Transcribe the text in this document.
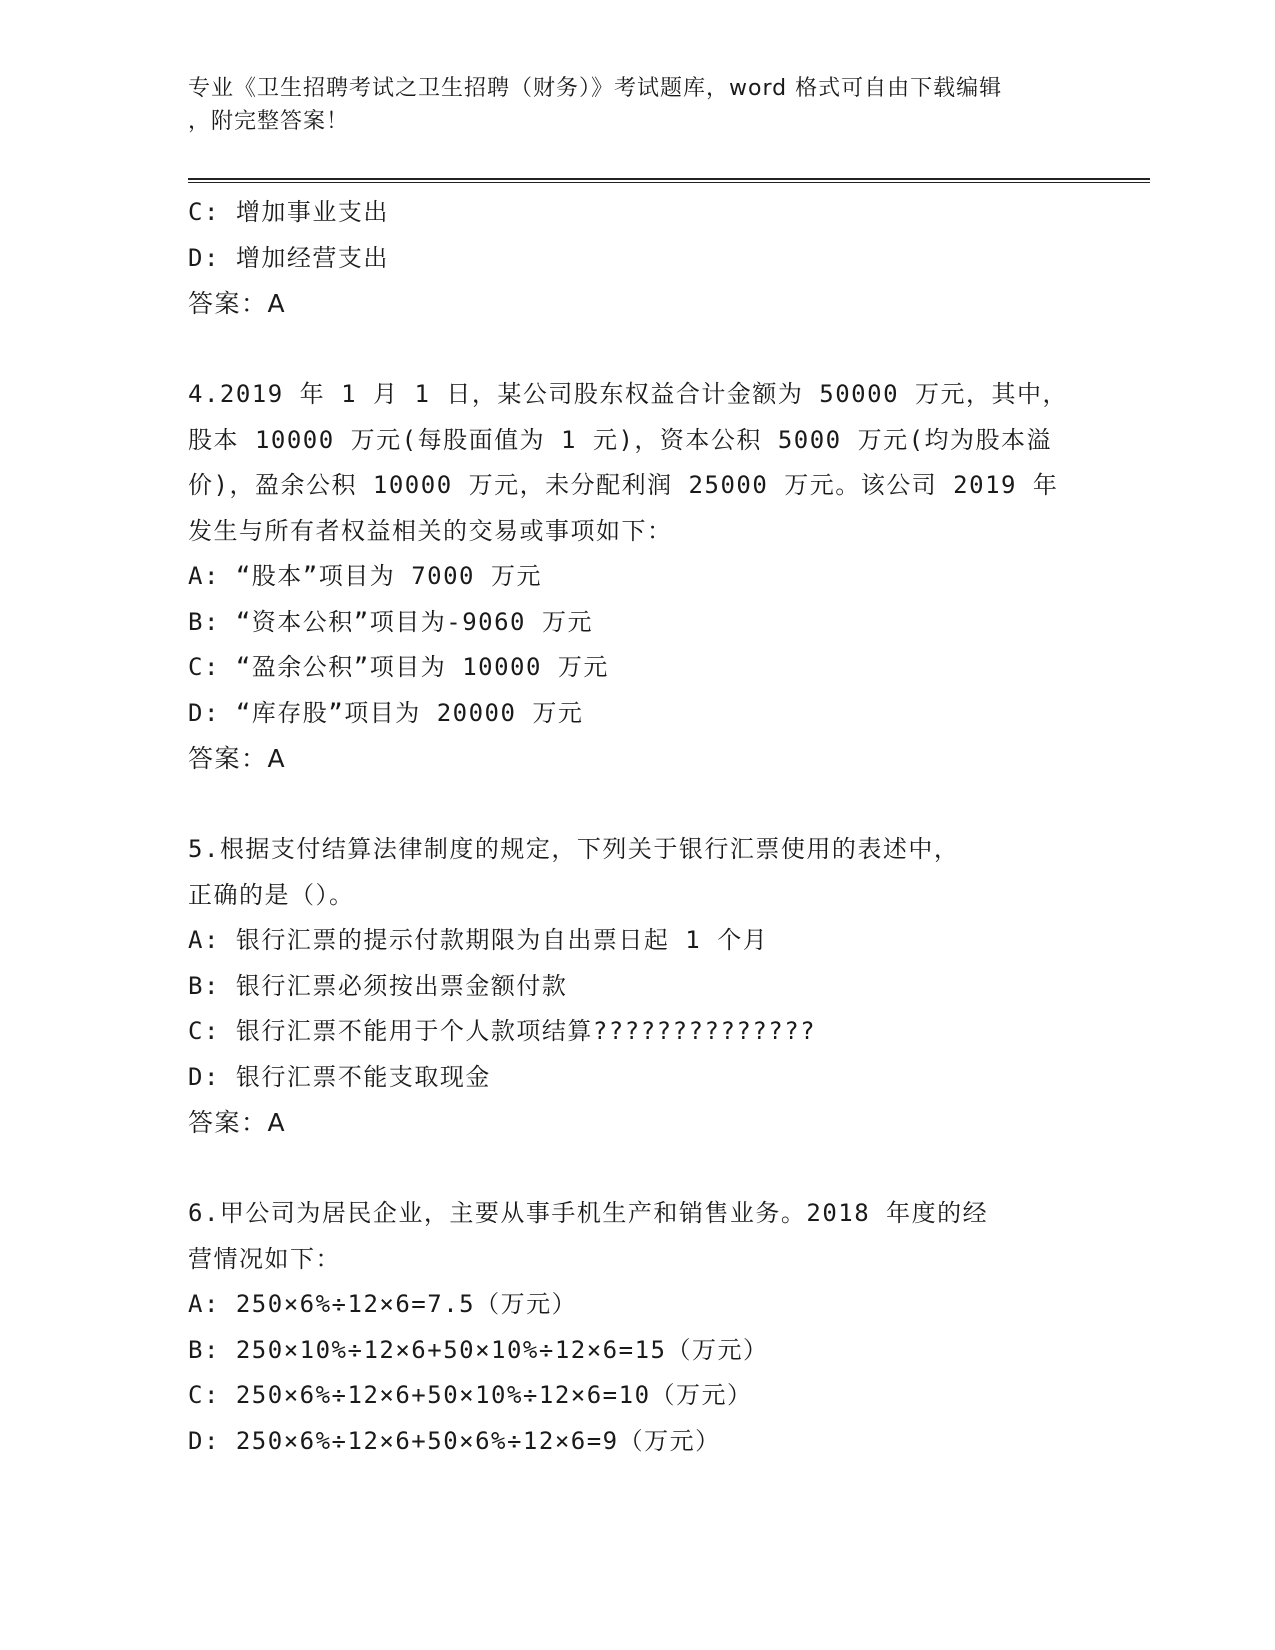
专业《卫生招聘考试之卫生招聘（财务）》考试题库，word 格式可自由下载编辑
，附完整答案！
C: 增加事业支出
D: 增加经营支出
答案：A
4.2019 年 1 月 1 日，某公司股东权益合计金额为 50000 万元，其中，
股本 10000 万元(每股面值为 1 元)，资本公积 5000 万元(均为股本溢
价)，盈余公积 10000 万元，未分配利润 25000 万元。该公司 2019 年
发生与所有者权益相关的交易或事项如下：
A: “股本”项目为 7000 万元
B: “资本公积”项目为-9060 万元
C: “盈余公积”项目为 10000 万元
D: “库存股”项目为 20000 万元
答案：A
5.根据支付结算法律制度的规定，下列关于银行汇票使用的表述中，
正确的是（）。
A: 银行汇票的提示付款期限为自出票日起 1 个月
B: 银行汇票必须按出票金额付款
C: 银行汇票不能用于个人款项结算??????????????
D: 银行汇票不能支取现金
答案：A
6.甲公司为居民企业，主要从事手机生产和销售业务。2018 年度的经
营情况如下：
A: 250×6%÷12×6=7.5（万元）
B: 250×10%÷12×6+50×10%÷12×6=15（万元）
C: 250×6%÷12×6+50×10%÷12×6=10（万元）
D: 250×6%÷12×6+50×6%÷12×6=9（万元）
